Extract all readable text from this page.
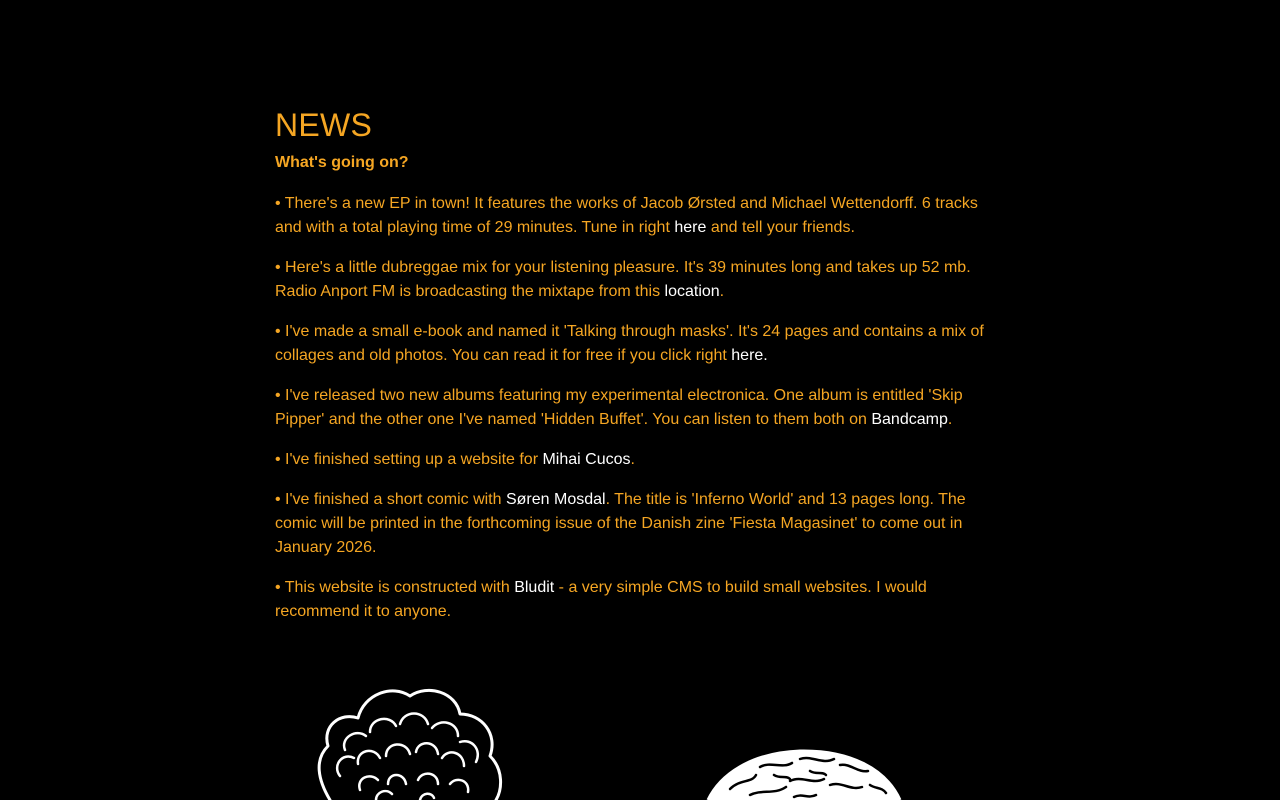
NEWS
What's going on?

• There's a new EP in town! It features the works of Jacob Ørsted and Michael Wettendorff. 6 tracks and with a total playing time of 29 minutes. Tune in right here and tell your friends.

• Here's a little dubreggae mix for your listening pleasure. It's 39 minutes long and takes up 52 mb. Radio Anport FM is broadcasting the mixtape from this location.

• I've made a small e-book and named it 'Talking through masks'. It's 24 pages and contains a mix of collages and old photos. You can read it for free if you click right here.

• I've released two new albums featuring my experimental electronica. One album is entitled 'Skip Pipper' and the other one I've named 'Hidden Buffet'. You can listen to them both on Bandcamp.

• I've finished setting up a website for Mihai Cucos.

• I've finished a short comic with Søren Mosdal. The title is 'Inferno World' and 13 pages long. The comic will be printed in the forthcoming issue of the Danish zine 'Fiesta Magasinet' to come out in January 2026.

• This website is constructed with Bludit - a very simple CMS to build small websites. I would recommend it to anyone.
